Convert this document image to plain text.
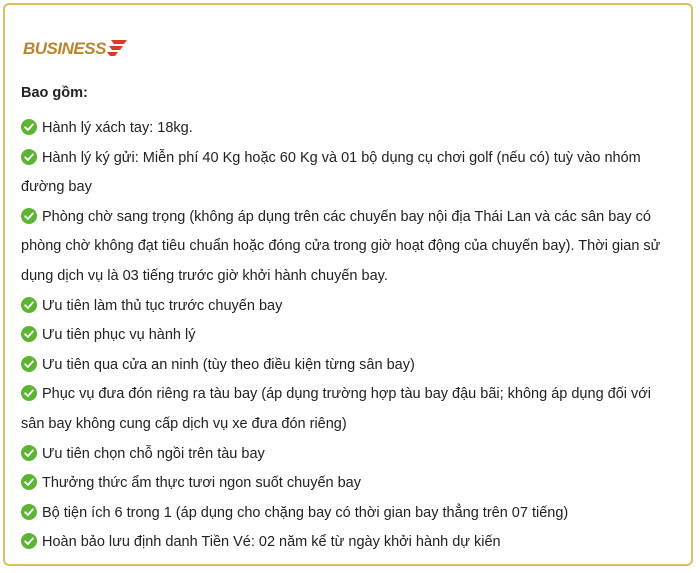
BUSINESS
Bao gồm:
Hành lý xách tay: 18kg.
Hành lý ký gửi: Miễn phí 40 Kg hoặc 60 Kg và 01 bộ dụng cụ chơi golf (nếu có) tuỳ vào nhóm đường bay
Phòng chờ sang trọng (không áp dụng trên các chuyến bay nội địa Thái Lan và các sân bay có phòng chờ không đạt tiêu chuẩn hoặc đóng cửa trong giờ hoạt động của chuyến bay). Thời gian sử dụng dịch vụ là 03 tiếng trước giờ khởi hành chuyến bay.
Ưu tiên làm thủ tục trước chuyến bay
Ưu tiên phục vụ hành lý
Ưu tiên qua cửa an ninh (tùy theo điều kiện từng sân bay)
Phục vụ đưa đón riêng ra tàu bay (áp dụng trường hợp tàu bay đậu bãi; không áp dụng đối với sân bay không cung cấp dịch vụ xe đưa đón riêng)
Ưu tiên chọn chỗ ngồi trên tàu bay
Thưởng thức ẩm thực tươi ngon suốt chuyến bay
Bộ tiện ích 6 trong 1 (áp dụng cho chặng bay có thời gian bay thẳng trên 07 tiếng)
Hoàn bảo lưu định danh Tiền Vé: 02 năm kể từ ngày khởi hành dự kiến
